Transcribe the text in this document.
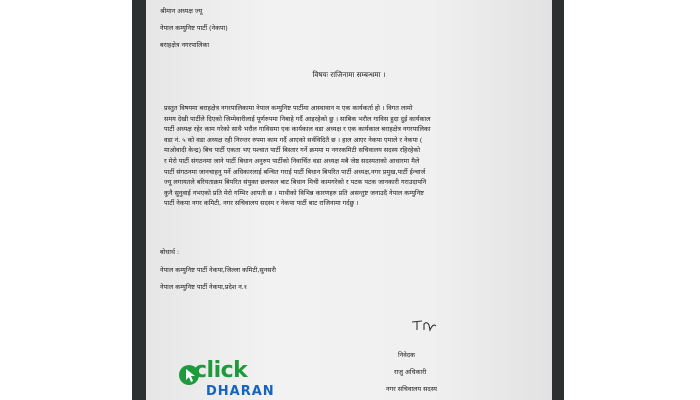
श्रीमान अध्यक्ष ज्यू
नेपाल कम्युनिष्ट पार्टी (नेकपा)
बराहक्षेत्र नगरपालिका
विषयः राजिनामा सम्बन्धमा ।
प्रस्तुत विषयमा बराहक्षेत्र नगरपालिकामा नेपाल कम्युनिष्ट पार्टीमा आस्थावान म एक कार्यकर्ता हो । विगत लामो
समय देखी पार्टीले दिएको जिम्मेवारीलाई पूर्णरुपमा निबाहे गर्दै आइरहेको छु । साबिक भरौल गाविस हुदा दुई कार्यकाल
पार्टी अध्यक्ष रहेर काम गरेको साथै भरौल गाविसमा एक कार्यकाल वडा अध्यक्ष र एक कार्यकाल बराहक्षेत्र नगरपालिका
वडा नं. ५ को वडा अध्यक्ष रही निरन्तर रुपमा काम गर्दै आएको सर्वविदितै छ । हाल आएर नेकपा एमाले र नेकपा (
माओवादी केन्द्र) बिच पार्टी एकता भए पश्चात पार्टी बिस्तार गर्ने क्रममा म नगरकमिटी सचिवालय सदस्य रहिरहेको
र मेरो पार्टी संगठनमा जाने पार्टी बिधान अनुरुप पार्टीको निवार्चित वडा अध्यक्ष मबै जेष्ठ सदस्यताको आधारमा मैले
पार्टी संगठनमा जानचाहनु पर्ने अधिकारलाई बन्चित गराई पार्टी बिधान बिपरित पार्टी अध्यक्ष,नगर प्रमुख,पार्टी ईन्चार्ज
ज्यू लगायतले बरियताक्रम बिपरित संयुक्त छलफल बाट बिधान मिची कामगरेको र पटक पटक जानकारी गराउदापनि
कुनै सुनुवाई नभएको प्रति मेरो गम्भिर आपती छ । माथीको विभिन्न कारणहरु प्रति असन्तुष्ट जनाउदै नेपाल कम्युनिष्ट
पार्टी नेकपा नगर कमिटी, नगर सचिवालय सदस्य र नेकपा पार्टी बाट राजिनामा गर्दछु ।
बोधार्थ :
नेपाल कम्युनिष्ट पार्टी नेकपा,जिल्ला कमिटी,सुनसरी
नेपाल कम्युनिष्ट पार्टी नेकपा,प्रदेश न.१
निवेदक
राजु अधिकारी
नगर सचिवालय सदस्य
click
DHARAN
